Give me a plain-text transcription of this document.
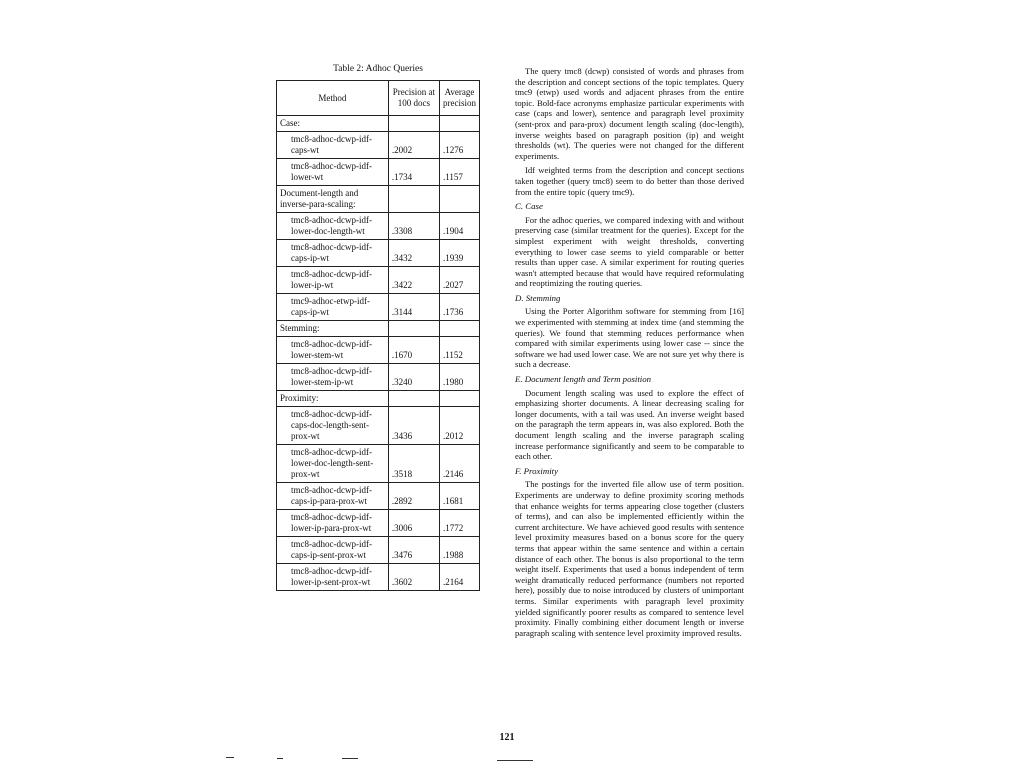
Table 2: Adhoc Queries
Method	Precision at 100 docs	Average precision
Case:		
tmc8-adhoc-dcwp-idf-caps-wt	.2002	.1276
tmc8-adhoc-dcwp-idf-lower-wt	.1734	.1157
Document-length and inverse-para-scaling:		
tmc8-adhoc-dcwp-idf-lower-doc-length-wt	.3308	.1904
tmc8-adhoc-dcwp-idf-caps-ip-wt	.3432	.1939
tmc8-adhoc-dcwp-idf-lower-ip-wt	.3422	.2027
tmc9-adhoc-etwp-idf-caps-ip-wt	.3144	.1736
Stemming:		
tmc8-adhoc-dcwp-idf-lower-stem-wt	.1670	.1152
tmc8-adhoc-dcwp-idf-lower-stem-ip-wt	.3240	.1980
Proximity:		
tmc8-adhoc-dcwp-idf-caps-doc-length-sent-prox-wt	.3436	.2012
tmc8-adhoc-dcwp-idf-lower-doc-length-sent-prox-wt	.3518	.2146
tmc8-adhoc-dcwp-idf-caps-ip-para-prox-wt	.2892	.1681
tmc8-adhoc-dcwp-idf-lower-ip-para-prox-wt	.3006	.1772
tmc8-adhoc-dcwp-idf-caps-ip-sent-prox-wt	.3476	.1988
tmc8-adhoc-dcwp-idf-lower-ip-sent-prox-wt	.3602	.2164

The query tmc8 (dcwp) consisted of words and phrases from the description and concept sections of the topic templates. Query tmc9 (etwp) used words and adjacent phrases from the entire topic. Bold-face acronyms emphasize particular experiments with case (caps and lower), sentence and paragraph level proximity (sent-prox and para-prox) document length scaling (doc-length), inverse weights based on paragraph position (ip) and weight thresholds (wt). The queries were not changed for the different experiments.

Idf weighted terms from the description and concept sections taken together (query tmc8) seem to do better than those derived from the entire topic (query tmc9).

C. Case

For the adhoc queries, we compared indexing with and without preserving case (similar treatment for the queries). Except for the simplest experiment with weight thresholds, converting everything to lower case seems to yield comparable or better results than upper case. A similar experiment for routing queries wasn't attempted because that would have required reformulating and reoptimizing the routing queries.

D. Stemming

Using the Porter Algorithm software for stemming from [16] we experimented with stemming at index time (and stemming the queries). We found that stemming reduces performance when compared with similar experiments using lower case -- since the software we had used lower case. We are not sure yet why there is such a decrease.

E. Document length and Term position

Document length scaling was used to explore the effect of emphasizing shorter documents. A linear decreasing scaling for longer documents, with a tail was used. An inverse weight based on the paragraph the term appears in, was also explored. Both the document length scaling and the inverse paragraph scaling increase performance significantly and seem to be comparable to each other.

F. Proximity

The postings for the inverted file allow use of term position. Experiments are underway to define proximity scoring methods that enhance weights for terms appearing close together (clusters of terms), and can also be implemented efficiently within the current architecture. We have achieved good results with sentence level proximity measures based on a bonus score for the query terms that appear within the same sentence and within a certain distance of each other. The bonus is also proportional to the term weight itself. Experiments that used a bonus independent of term weight dramatically reduced performance (numbers not reported here), possibly due to noise introduced by clusters of unimportant terms. Similar experiments with paragraph level proximity yielded significantly poorer results as compared to sentence level proximity. Finally combining either document length or inverse paragraph scaling with sentence level proximity improved results.

121
